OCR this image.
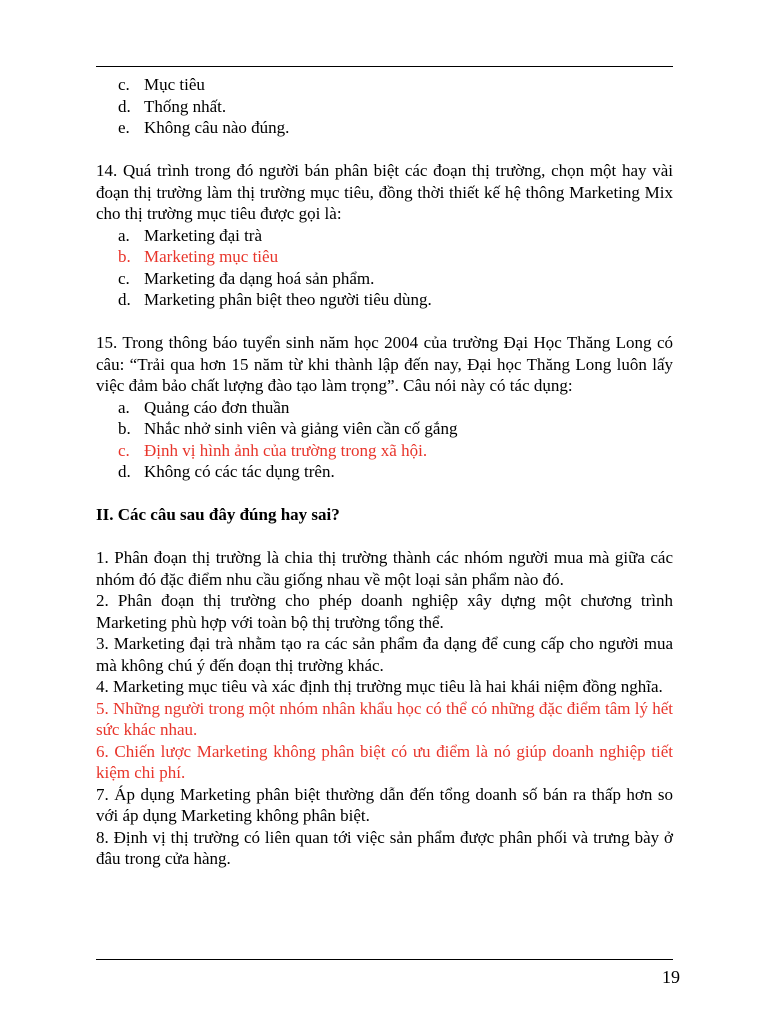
c. Mục tiêu
d. Thống nhất.
e. Không câu nào đúng.
14. Quá trình trong đó người bán phân biệt các đoạn thị trường, chọn một hay vài đoạn thị trường làm thị trường mục tiêu, đồng thời thiết kế hệ thông Marketing Mix cho thị trường mục tiêu được gọi là:
a. Marketing đại trà
b. Marketing mục tiêu
c. Marketing đa dạng hoá sản phẩm.
d. Marketing phân biệt theo người tiêu dùng.
15. Trong thông báo tuyển sinh năm học 2004 của trường Đại Học Thăng Long có câu: “Trải qua hơn 15 năm từ khi thành lập đến nay, Đại học Thăng Long luôn lấy việc đảm bảo chất lượng đào tạo làm trọng”. Câu nói này có tác dụng:
a. Quảng cáo đơn thuần
b. Nhắc nhở sinh viên và giảng viên cần cố gắng
c. Định vị hình ảnh của trường trong xã hội.
d. Không có các tác dụng trên.
II. Các câu sau đây đúng hay sai?
1. Phân đoạn thị trường là chia thị trường thành các nhóm người mua mà giữa các nhóm đó đặc điểm nhu cầu giống nhau về một loại sản phẩm nào đó.
2. Phân đoạn thị trường cho phép doanh nghiệp xây dựng một chương trình Marketing phù hợp với toàn bộ thị trường tổng thể.
3. Marketing đại trà nhằm tạo ra các sản phẩm đa dạng để cung cấp cho người mua mà không chú ý đến đoạn thị trường khác.
4. Marketing mục tiêu và xác định thị trường mục tiêu là hai khái niệm đồng nghĩa.
5. Những người trong một nhóm nhân khẩu học có thể có những đặc điểm tâm lý hết sức khác nhau.
6. Chiến lược Marketing không phân biệt có ưu điểm là nó giúp doanh nghiệp tiết kiệm chi phí.
7. Áp dụng Marketing phân biệt thường dẫn đến tổng doanh số bán ra thấp hơn so với áp dụng Marketing không phân biệt.
8. Định vị thị trường có liên quan tới việc sản phẩm được phân phối và trưng bày ở đâu trong cửa hàng.
19
